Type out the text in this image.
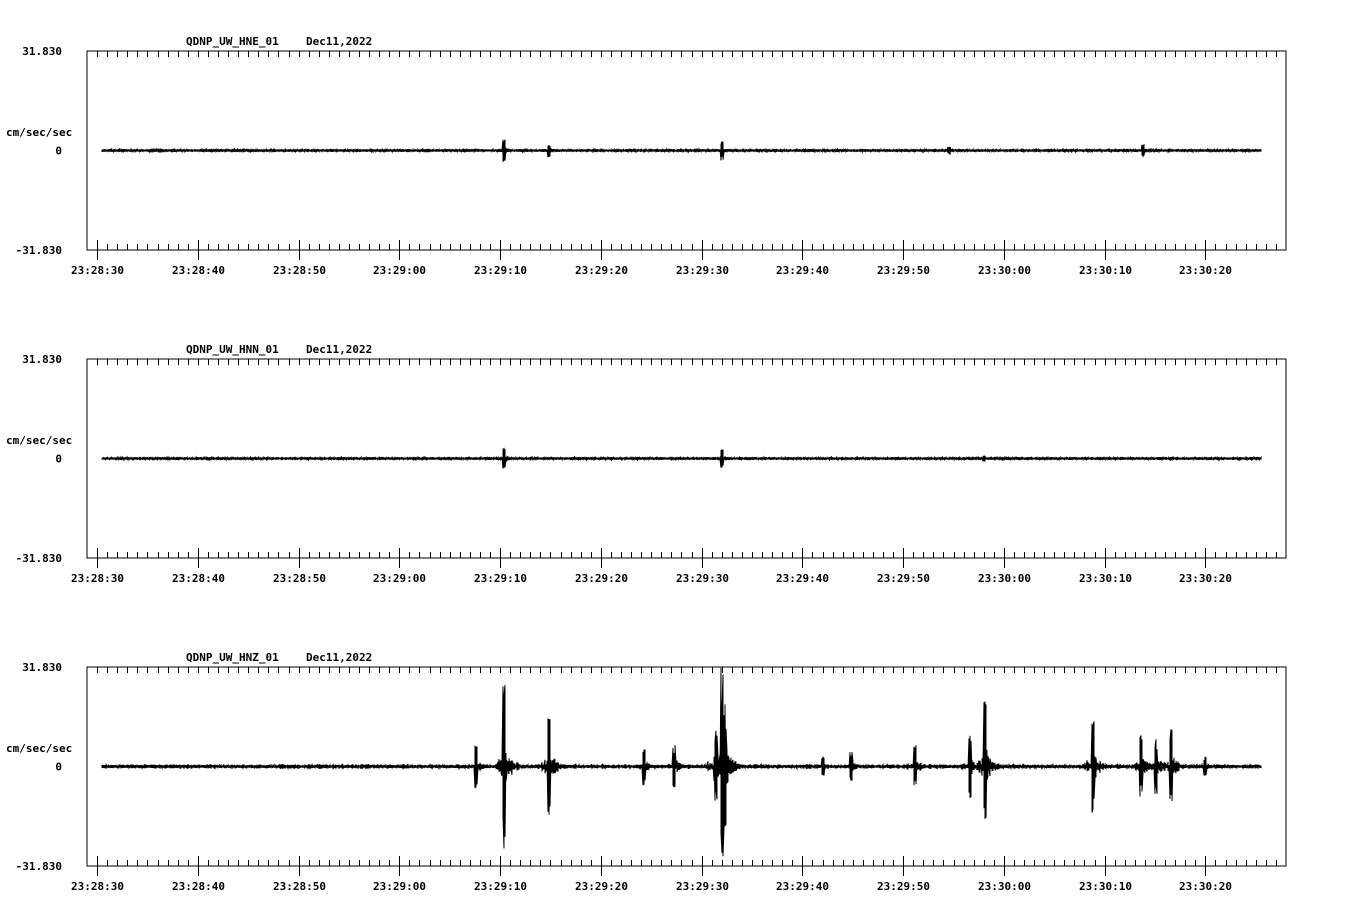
QDNP_UW_HNE_01 Dec11,2022
cm/sec/sec
31.830
0
-31.830
23:28:30	23:28:40	23:28:50	23:29:00	23:29:10	23:29:20	23:29:30	23:29:40	23:29:50	23:30:00	23:30:10	23:30:20
QDNP_UW_HNN_01 Dec11,2022
cm/sec/sec
31.830
0
-31.830
23:28:30	23:28:40	23:28:50	23:29:00	23:29:10	23:29:20	23:29:30	23:29:40	23:29:50	23:30:00	23:30:10	23:30:20
QDNP_UW_HNZ_01 Dec11,2022
cm/sec/sec
31.830
0
-31.830
23:28:30	23:28:40	23:28:50	23:29:00	23:29:10	23:29:20	23:29:30	23:29:40	23:29:50	23:30:00	23:30:10	23:30:20
